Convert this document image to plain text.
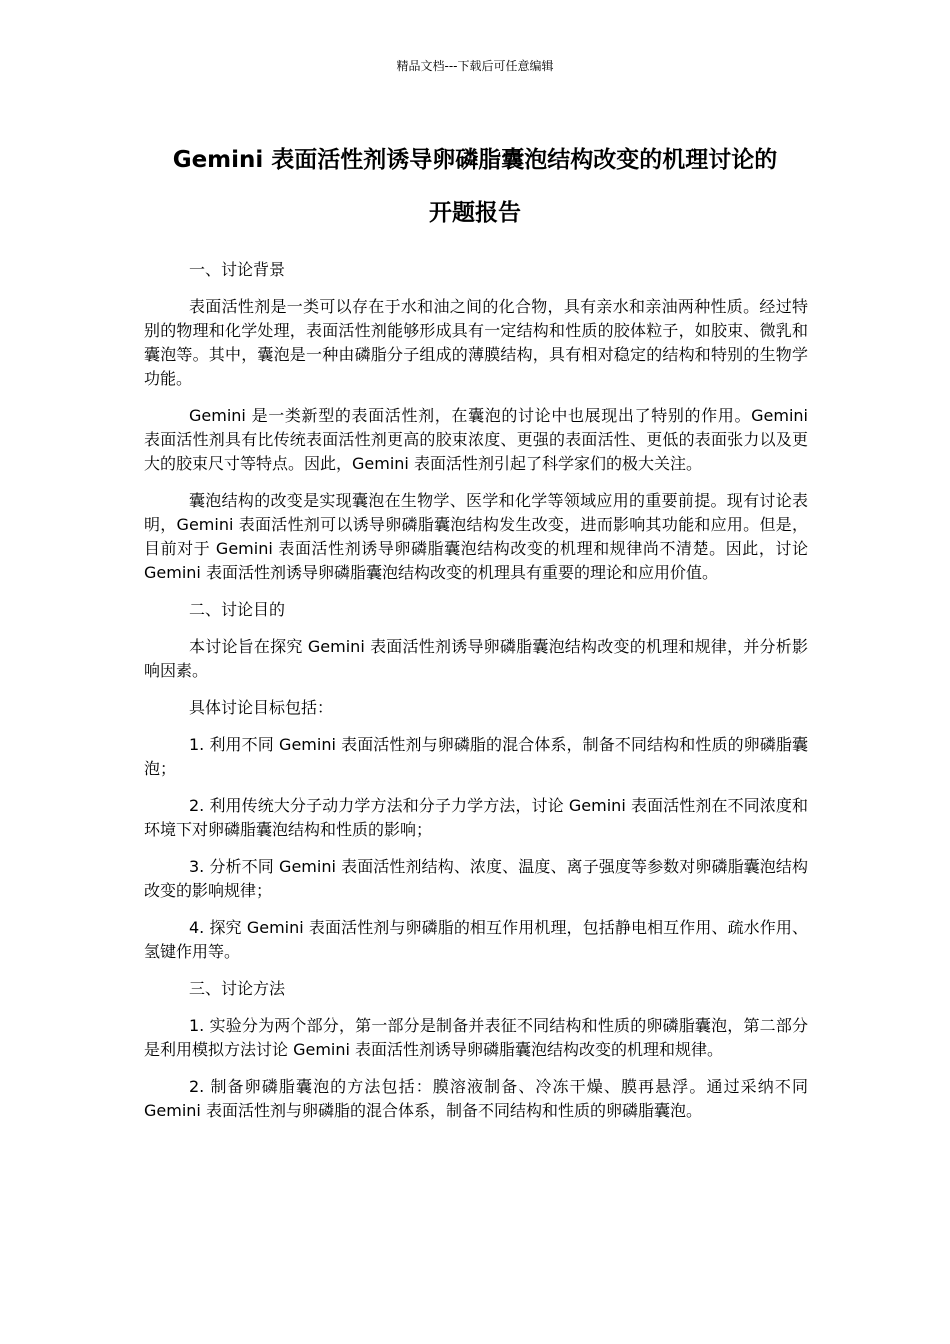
精品文档---下载后可任意编辑
Gemini 表面活性剂诱导卵磷脂囊泡结构改变的机理讨论的
开题报告

一、讨论背景

表面活性剂是一类可以存在于水和油之间的化合物，具有亲水和亲油两种性质。经过特别的物理和化学处理，表面活性剂能够形成具有一定结构和性质的胶体粒子，如胶束、微乳和囊泡等。其中，囊泡是一种由磷脂分子组成的薄膜结构，具有相对稳定的结构和特别的生物学功能。

Gemini 是一类新型的表面活性剂，在囊泡的讨论中也展现出了特别的作用。Gemini 表面活性剂具有比传统表面活性剂更高的胶束浓度、更强的表面活性、更低的表面张力以及更大的胶束尺寸等特点。因此，Gemini 表面活性剂引起了科学家们的极大关注。

囊泡结构的改变是实现囊泡在生物学、医学和化学等领域应用的重要前提。现有讨论表明，Gemini 表面活性剂可以诱导卵磷脂囊泡结构发生改变，进而影响其功能和应用。但是，目前对于 Gemini 表面活性剂诱导卵磷脂囊泡结构改变的机理和规律尚不清楚。因此，讨论 Gemini 表面活性剂诱导卵磷脂囊泡结构改变的机理具有重要的理论和应用价值。

二、讨论目的

本讨论旨在探究 Gemini 表面活性剂诱导卵磷脂囊泡结构改变的机理和规律，并分析影响因素。

具体讨论目标包括：

1. 利用不同 Gemini 表面活性剂与卵磷脂的混合体系，制备不同结构和性质的卵磷脂囊泡；

2. 利用传统大分子动力学方法和分子力学方法，讨论 Gemini 表面活性剂在不同浓度和环境下对卵磷脂囊泡结构和性质的影响；

3. 分析不同 Gemini 表面活性剂结构、浓度、温度、离子强度等参数对卵磷脂囊泡结构改变的影响规律；

4. 探究 Gemini 表面活性剂与卵磷脂的相互作用机理，包括静电相互作用、疏水作用、氢键作用等。

三、讨论方法

1. 实验分为两个部分，第一部分是制备并表征不同结构和性质的卵磷脂囊泡，第二部分是利用模拟方法讨论 Gemini 表面活性剂诱导卵磷脂囊泡结构改变的机理和规律。

2. 制备卵磷脂囊泡的方法包括：膜溶液制备、冷冻干燥、膜再悬浮。通过采纳不同 Gemini 表面活性剂与卵磷脂的混合体系，制备不同结构和性质的卵磷脂囊泡。
